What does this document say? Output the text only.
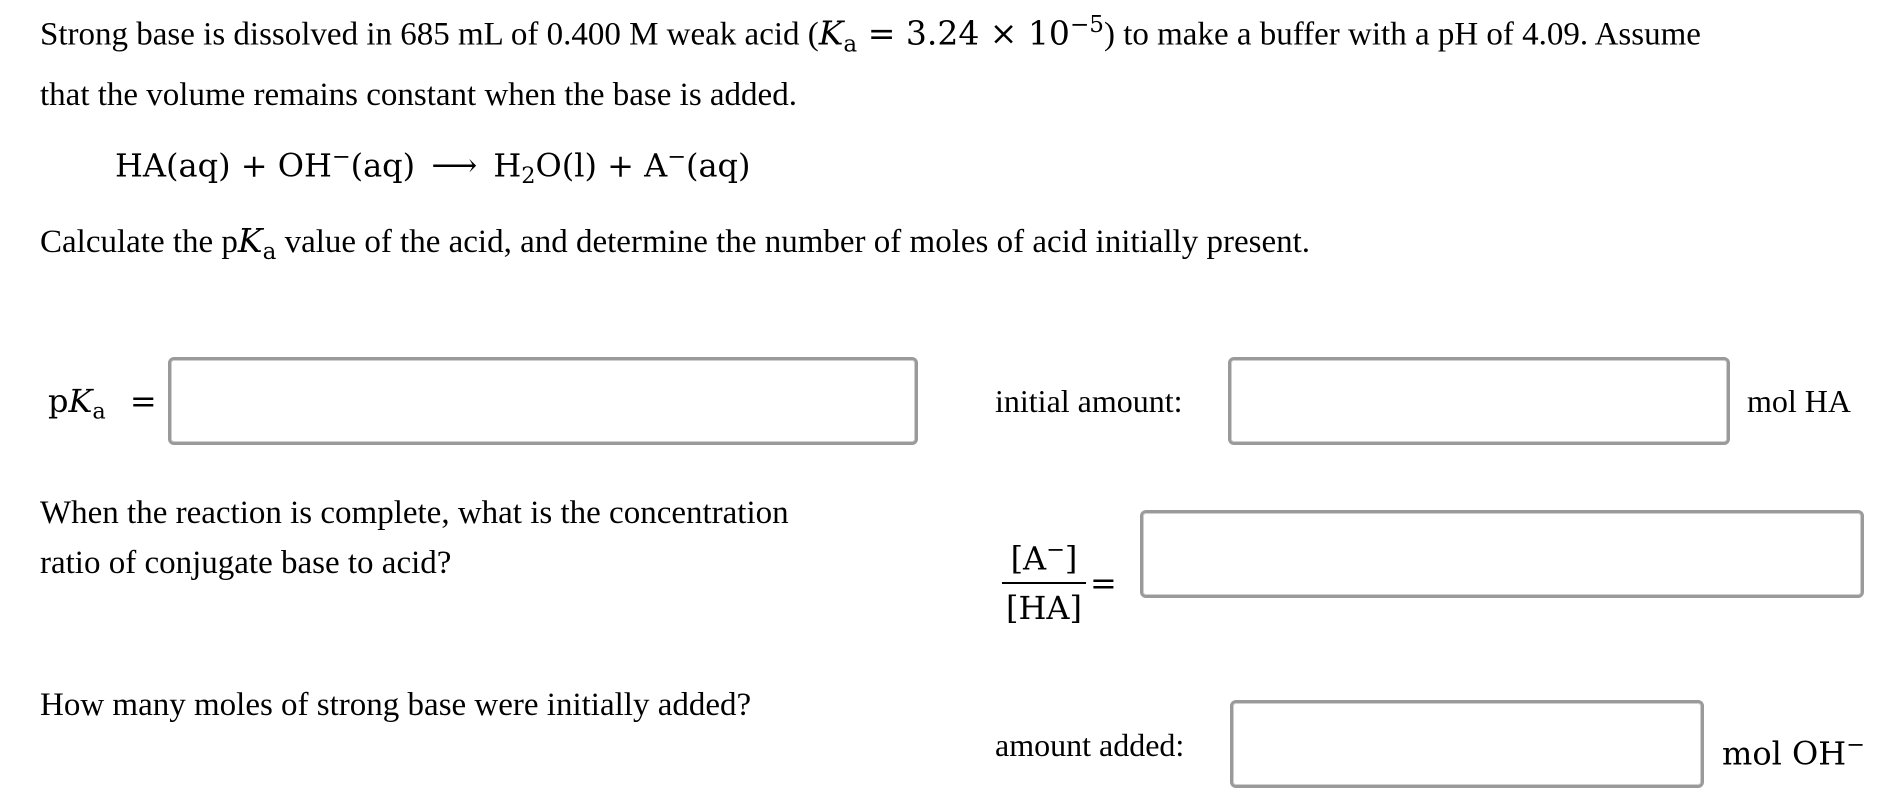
Strong base is dissolved in 685 mL of 0.400 M weak acid $(K_a = 3.24 \times 10^{-5})$ to make a buffer with a pH of 4.09. Assume
that the volume remains constant when the base is added.
HA(aq) + OH−(aq) ⟶ $H_2O(l) + A^-(aq)$
Calculate the $pK_a$ value of the acid, and determine the number of moles of acid initially present.
$pK_a$ =	initial amount:	mol HA
When the reaction is complete, what is the concentration
ratio of conjugate base to acid?	$\frac{[A^-]}{[HA]}$ =
How many moles of strong base were initially added?
amount added:	mol OH−
